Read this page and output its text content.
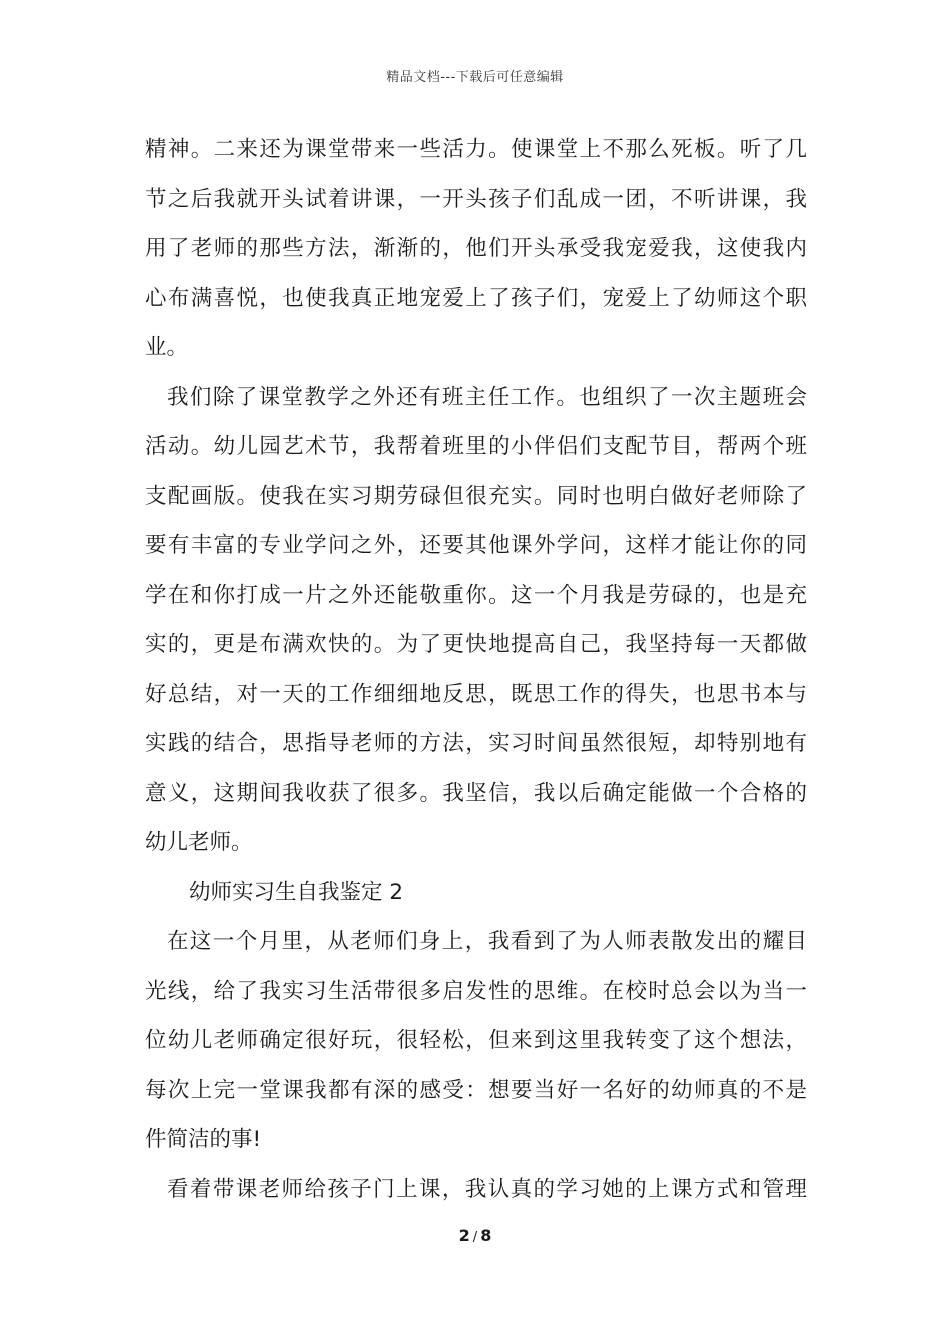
精品文档---下载后可任意编辑
精神。二来还为课堂带来一些活力。使课堂上不那么死板。听了几
节之后我就开头试着讲课，一开头孩子们乱成一团，不听讲课，我
用了老师的那些方法，渐渐的，他们开头承受我宠爱我，这使我内
心布满喜悦，也使我真正地宠爱上了孩子们，宠爱上了幼师这个职
业。
我们除了课堂教学之外还有班主任工作。也组织了一次主题班会
活动。幼儿园艺术节，我帮着班里的小伴侣们支配节目，帮两个班
支配画版。使我在实习期劳碌但很充实。同时也明白做好老师除了
要有丰富的专业学问之外，还要其他课外学问，这样才能让你的同
学在和你打成一片之外还能敬重你。这一个月我是劳碌的，也是充
实的，更是布满欢快的。为了更快地提高自己，我坚持每一天都做
好总结，对一天的工作细细地反思，既思工作的得失，也思书本与
实践的结合，思指导老师的方法，实习时间虽然很短，却特别地有
意义，这期间我收获了很多。我坚信，我以后确定能做一个合格的
幼儿老师。
幼师实习生自我鉴定 2
在这一个月里，从老师们身上，我看到了为人师表散发出的耀目
光线，给了我实习生活带很多启发性的思维。在校时总会以为当一
位幼儿老师确定很好玩，很轻松，但来到这里我转变了这个想法，
每次上完一堂课我都有深的感受：想要当好一名好的幼师真的不是
件简洁的事!
看着带课老师给孩子门上课，我认真的学习她的上课方式和管理
2 / 8
